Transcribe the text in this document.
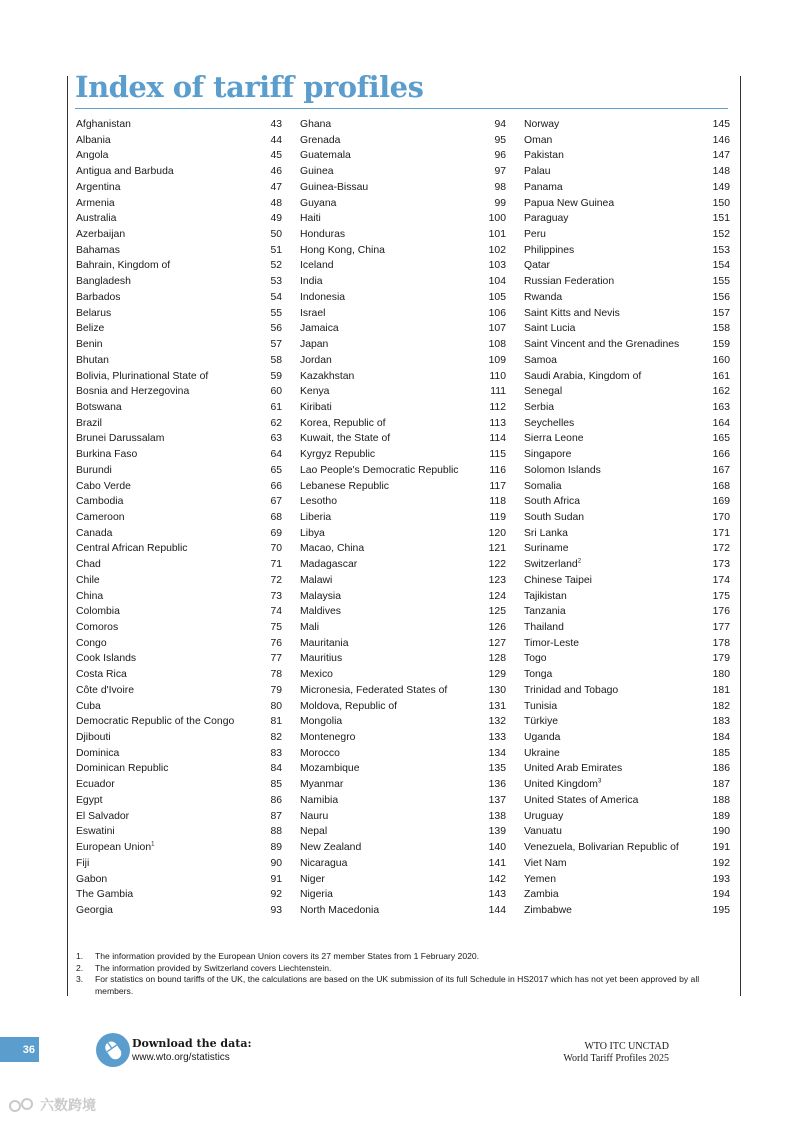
Index of tariff profiles
Afghanistan	43
Albania	44
Angola	45
Antigua and Barbuda	46
Argentina	47
Armenia	48
Australia	49
Azerbaijan	50
Bahamas	51
Bahrain, Kingdom of	52
Bangladesh	53
Barbados	54
Belarus	55
Belize	56
Benin	57
Bhutan	58
Bolivia, Plurinational State of	59
Bosnia and Herzegovina	60
Botswana	61
Brazil	62
Brunei Darussalam	63
Burkina Faso	64
Burundi	65
Cabo Verde	66
Cambodia	67
Cameroon	68
Canada	69
Central African Republic	70
Chad	71
Chile	72
China	73
Colombia	74
Comoros	75
Congo	76
Cook Islands	77
Costa Rica	78
Côte d'Ivoire	79
Cuba	80
Democratic Republic of the Congo	81
Djibouti	82
Dominica	83
Dominican Republic	84
Ecuador	85
Egypt	86
El Salvador	87
Eswatini	88
European Union$^1$	89
Fiji	90
Gabon	91
The Gambia	92
Georgia	93
Ghana	94
Grenada	95
Guatemala	96
Guinea	97
Guinea-Bissau	98
Guyana	99
Haiti	100
Honduras	101
Hong Kong, China	102
Iceland	103
India	104
Indonesia	105
Israel	106
Jamaica	107
Japan	108
Jordan	109
Kazakhstan	110
Kenya	111
Kiribati	112
Korea, Republic of	113
Kuwait, the State of	114
Kyrgyz Republic	115
Lao People's Democratic Republic	116
Lebanese Republic	117
Lesotho	118
Liberia	119
Libya	120
Macao, China	121
Madagascar	122
Malawi	123
Malaysia	124
Maldives	125
Mali	126
Mauritania	127
Mauritius	128
Mexico	129
Micronesia, Federated States of	130
Moldova, Republic of	131
Mongolia	132
Montenegro	133
Morocco	134
Mozambique	135
Myanmar	136
Namibia	137
Nauru	138
Nepal	139
New Zealand	140
Nicaragua	141
Niger	142
Nigeria	143
North Macedonia	144
Norway	145
Oman	146
Pakistan	147
Palau	148
Panama	149
Papua New Guinea	150
Paraguay	151
Peru	152
Philippines	153
Qatar	154
Russian Federation	155
Rwanda	156
Saint Kitts and Nevis	157
Saint Lucia	158
Saint Vincent and the Grenadines	159
Samoa	160
Saudi Arabia, Kingdom of	161
Senegal	162
Serbia	163
Seychelles	164
Sierra Leone	165
Singapore	166
Solomon Islands	167
Somalia	168
South Africa	169
South Sudan	170
Sri Lanka	171
Suriname	172
Switzerland$^2$	173
Chinese Taipei	174
Tajikistan	175
Tanzania	176
Thailand	177
Timor-Leste	178
Togo	179
Tonga	180
Trinidad and Tobago	181
Tunisia	182
Türkiye	183
Uganda	184
Ukraine	185
United Arab Emirates	186
United Kingdom$^3$	187
United States of America	188
Uruguay	189
Vanuatu	190
Venezuela, Bolivarian Republic of	191
Viet Nam	192
Yemen	193
Zambia	194
Zimbabwe	195
1.	The information provided by the European Union covers its 27 member States from 1 February 2020.
2.	The information provided by Switzerland covers Liechtenstein.
3.	For statistics on bound tariffs of the UK, the calculations are based on the UK submission of its full Schedule in HS2017 which has not yet been approved by all members.
36	Download the data:
www.wto.org/statistics
WTO ITC UNCTAD
World Tariff Profiles 2025
六数跨境
